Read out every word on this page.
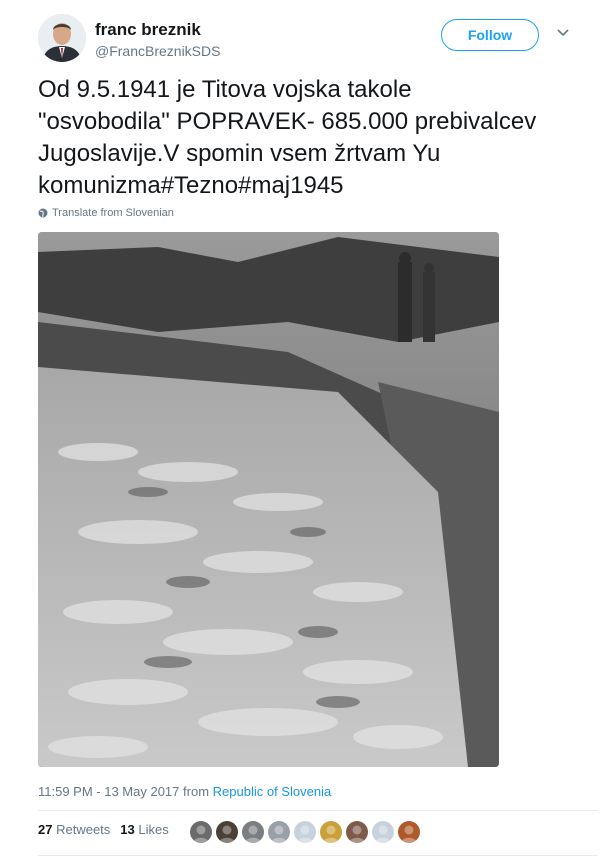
franc breznik
@FrancBreznikSDS
Follow

Od 9.5.1941 je Titova vojska takole
"osvobodila" POPRAVEK- 685.000 prebivalcev
Jugoslavije.V spomin vsem žrtvam Yu
komunizma#Tezno#maj1945

Translate from Slovenian
11:59 PM - 13 May 2017 from Republic of Slovenia
27 Retweets 13 Likes
